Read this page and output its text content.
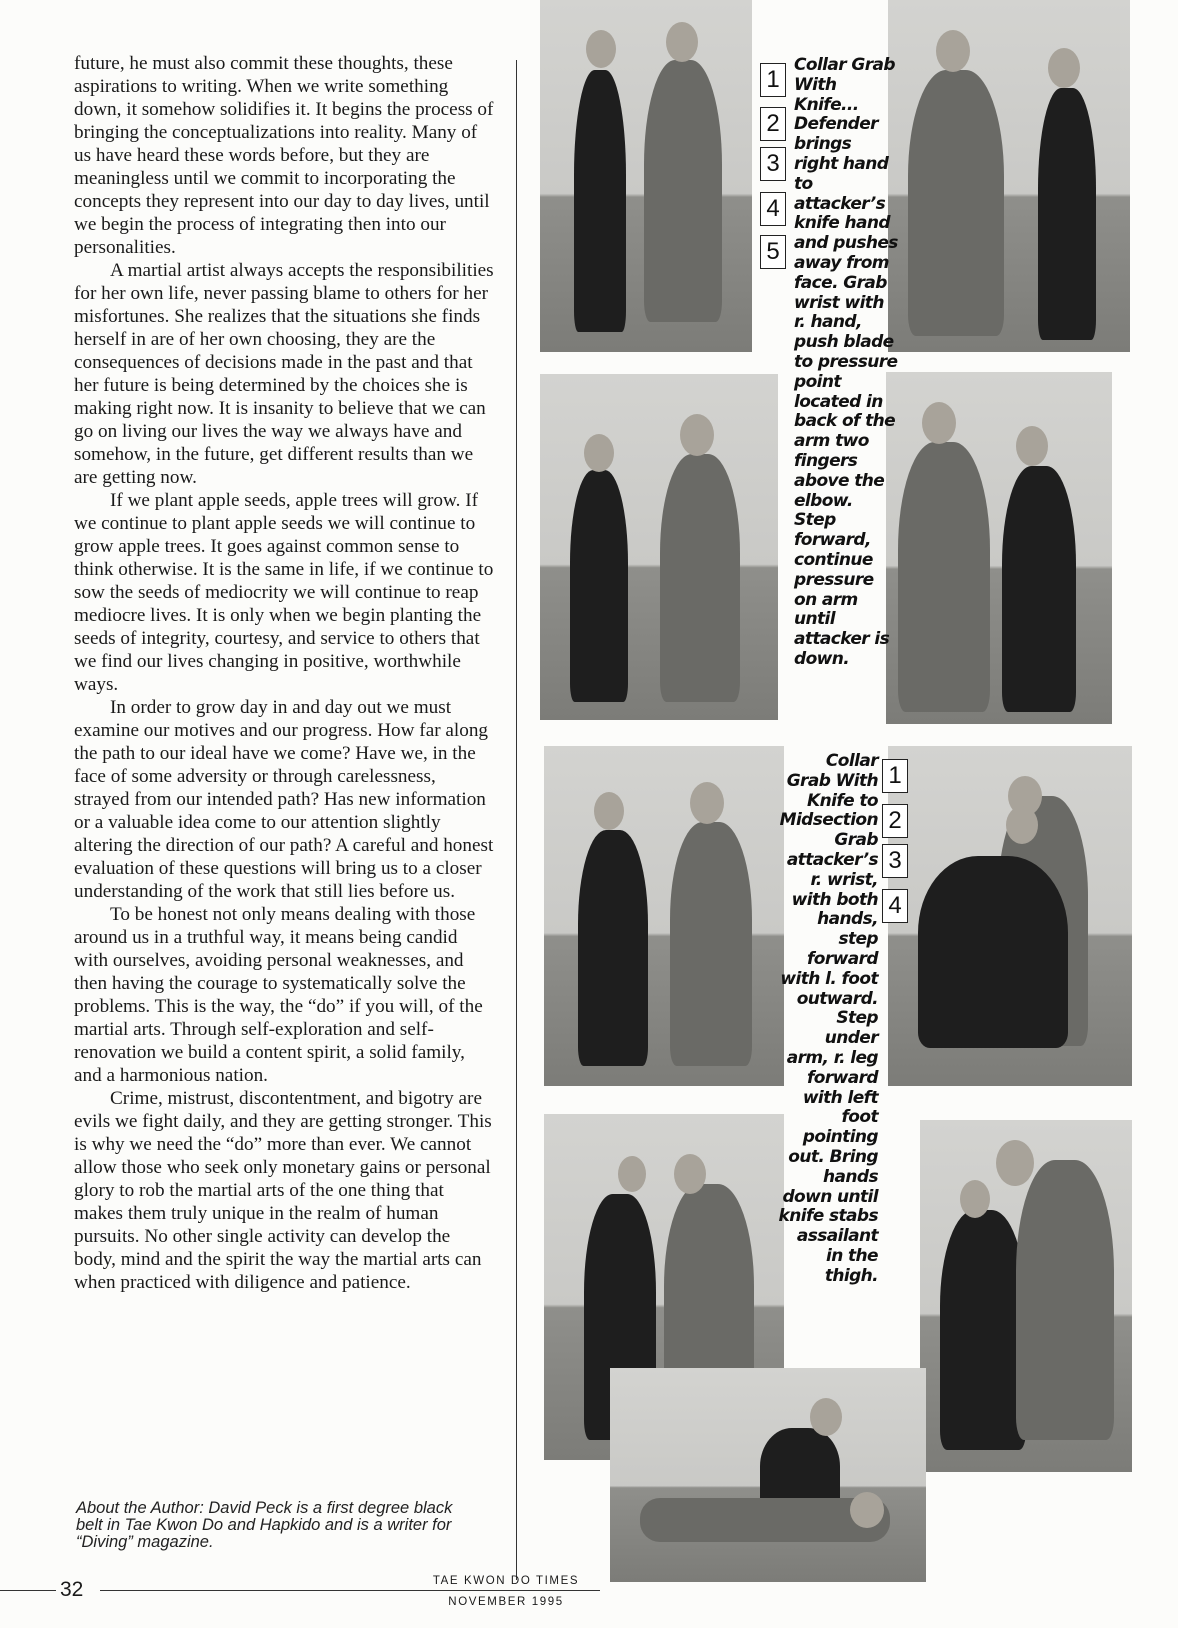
future, he must also commit these thoughts, these aspirations to writing. When we write something down, it somehow solidifies it. It begins the process of bringing the conceptualizations into reality. Many of us have heard these words before, but they are meaningless until we commit to incorporating the concepts they represent into our day to day lives, until we begin the process of integrating then into our personalities.

A martial artist always accepts the responsibilities for her own life, never passing blame to others for her misfortunes. She realizes that the situations she finds herself in are of her own choosing, they are the consequences of decisions made in the past and that her future is being determined by the choices she is making right now. It is insanity to believe that we can go on living our lives the way we always have and somehow, in the future, get different results than we are getting now.

If we plant apple seeds, apple trees will grow. If we continue to plant apple seeds we will continue to grow apple trees. It goes against common sense to think otherwise. It is the same in life, if we continue to sow the seeds of mediocrity we will continue to reap mediocre lives. It is only when we begin planting the seeds of integrity, courtesy, and service to others that we find our lives changing in positive, worthwhile ways.

In order to grow day in and day out we must examine our motives and our progress. How far along the path to our ideal have we come? Have we, in the face of some adversity or through carelessness, strayed from our intended path? Has new information or a valuable idea come to our attention slightly altering the direction of our path? A careful and honest evaluation of these questions will bring us to a closer understanding of the work that still lies before us.

To be honest not only means dealing with those around us in a truthful way, it means being candid with ourselves, avoiding personal weaknesses, and then having the courage to systematically solve the problems. This is the way, the “do” if you will, of the martial arts. Through self-exploration and self-renovation we build a content spirit, a solid family, and a harmonious nation.

Crime, mistrust, discontentment, and bigotry are evils we fight daily, and they are getting stronger. This is why we need the “do” more than ever. We cannot allow those who seek only monetary gains or personal glory to rob the martial arts of the one thing that makes them truly unique in the realm of human pursuits. No other single activity can develop the body, mind and the spirit the way the martial arts can when practiced with diligence and patience.

About the Author: David Peck is a first degree black belt in Tae Kwon Do and Hapkido and is a writer for “Diving” magazine.
1
2
3
4
5
Collar Grab With Knife... Defender brings right hand to attacker’s knife hand and pushes away from face. Grab wrist with r. hand, push blade to pressure point located in back of the arm two fingers above the elbow. Step forward, continue pressure on arm until attacker is down.
1
2
3
4
Collar Grab With Knife to Midsection Grab attacker’s r. wrist, with both hands, step forward with l. foot outward. Step under arm, r. leg forward with left foot pointing out. Bring hands down until knife stabs assailant in the thigh.
32	TAE KWON DO TIMES
NOVEMBER 1995
